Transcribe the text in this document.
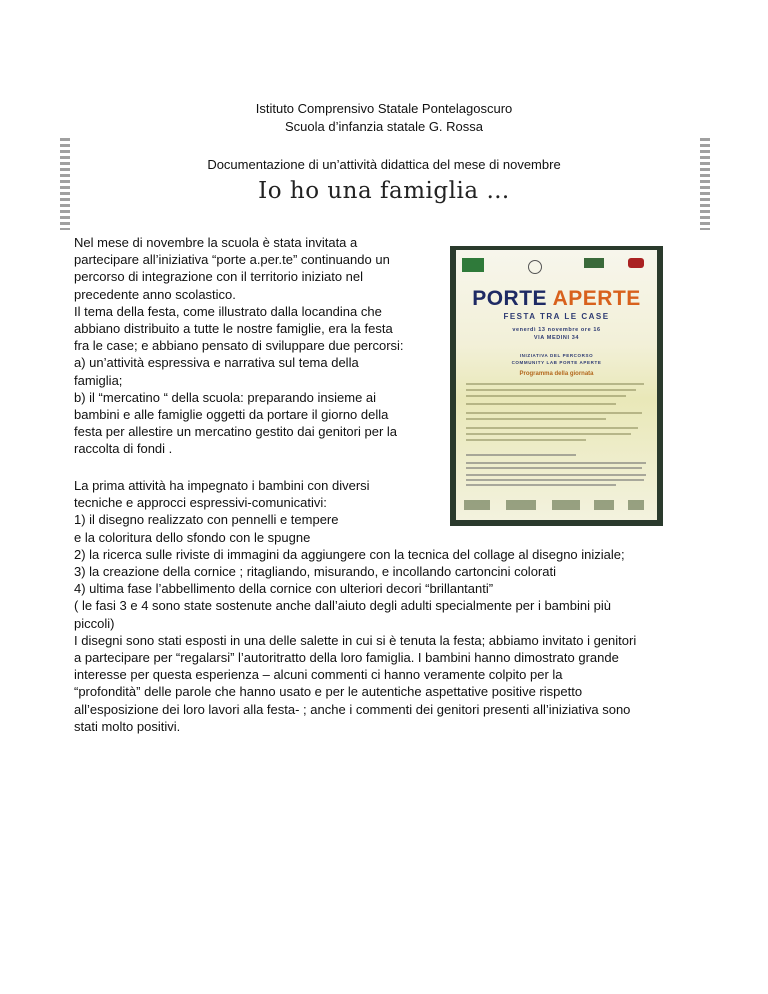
Istituto Comprensivo Statale Pontelagoscuro
Scuola d’infanzia statale G. Rossa
Documentazione di un’attività didattica del mese di novembre
Io ho una famiglia …
Nel mese di novembre la scuola è stata invitata a
partecipare all’iniziativa “porte a.per.te” continuando un
percorso di integrazione con il territorio iniziato nel
precedente anno scolastico.
Il tema della festa, come illustrato dalla locandina che
abbiano distribuito a tutte le nostre famiglie, era la festa
fra le case; e abbiano pensato di sviluppare due percorsi:
a) un’attività espressiva e narrativa sul tema della
famiglia;
b) il “mercatino “ della scuola: preparando insieme ai
bambini e alle famiglie oggetti da portare il giorno della
festa per allestire un mercatino gestito dai genitori per la
raccolta di fondi .
PORTE APERTE
FESTA TRA LE CASE
venerdì 13 novembre ore 16
VIA MEDINI 34
INIZIATIVA DEL PERCORSO
COMMUNITY LAB PORTE APERTE
Programma della giornata
La prima attività ha impegnato i bambini con diversi
tecniche e approcci espressivi-comunicativi:
1) il disegno realizzato con pennelli e tempere
e la coloritura dello sfondo con le spugne
2) la ricerca sulle riviste di immagini da aggiungere con la tecnica del collage al disegno iniziale;
3) la creazione della cornice ; ritagliando, misurando, e incollando cartoncini colorati
4) ultima fase l’abbellimento della cornice con ulteriori decori “brillantanti”
( le fasi 3 e 4 sono state sostenute anche dall’aiuto degli adulti specialmente per i bambini più
piccoli)
I disegni sono stati esposti in una delle salette in cui si è tenuta la festa; abbiamo invitato i genitori
a partecipare per “regalarsi” l’autoritratto della loro famiglia. I bambini hanno dimostrato grande
interesse per questa esperienza – alcuni commenti ci hanno veramente colpito per la
“profondità” delle parole che hanno usato e per le autentiche aspettative positive rispetto
all’esposizione dei loro lavori alla festa- ; anche i commenti dei genitori presenti all’iniziativa sono
stati molto positivi.
